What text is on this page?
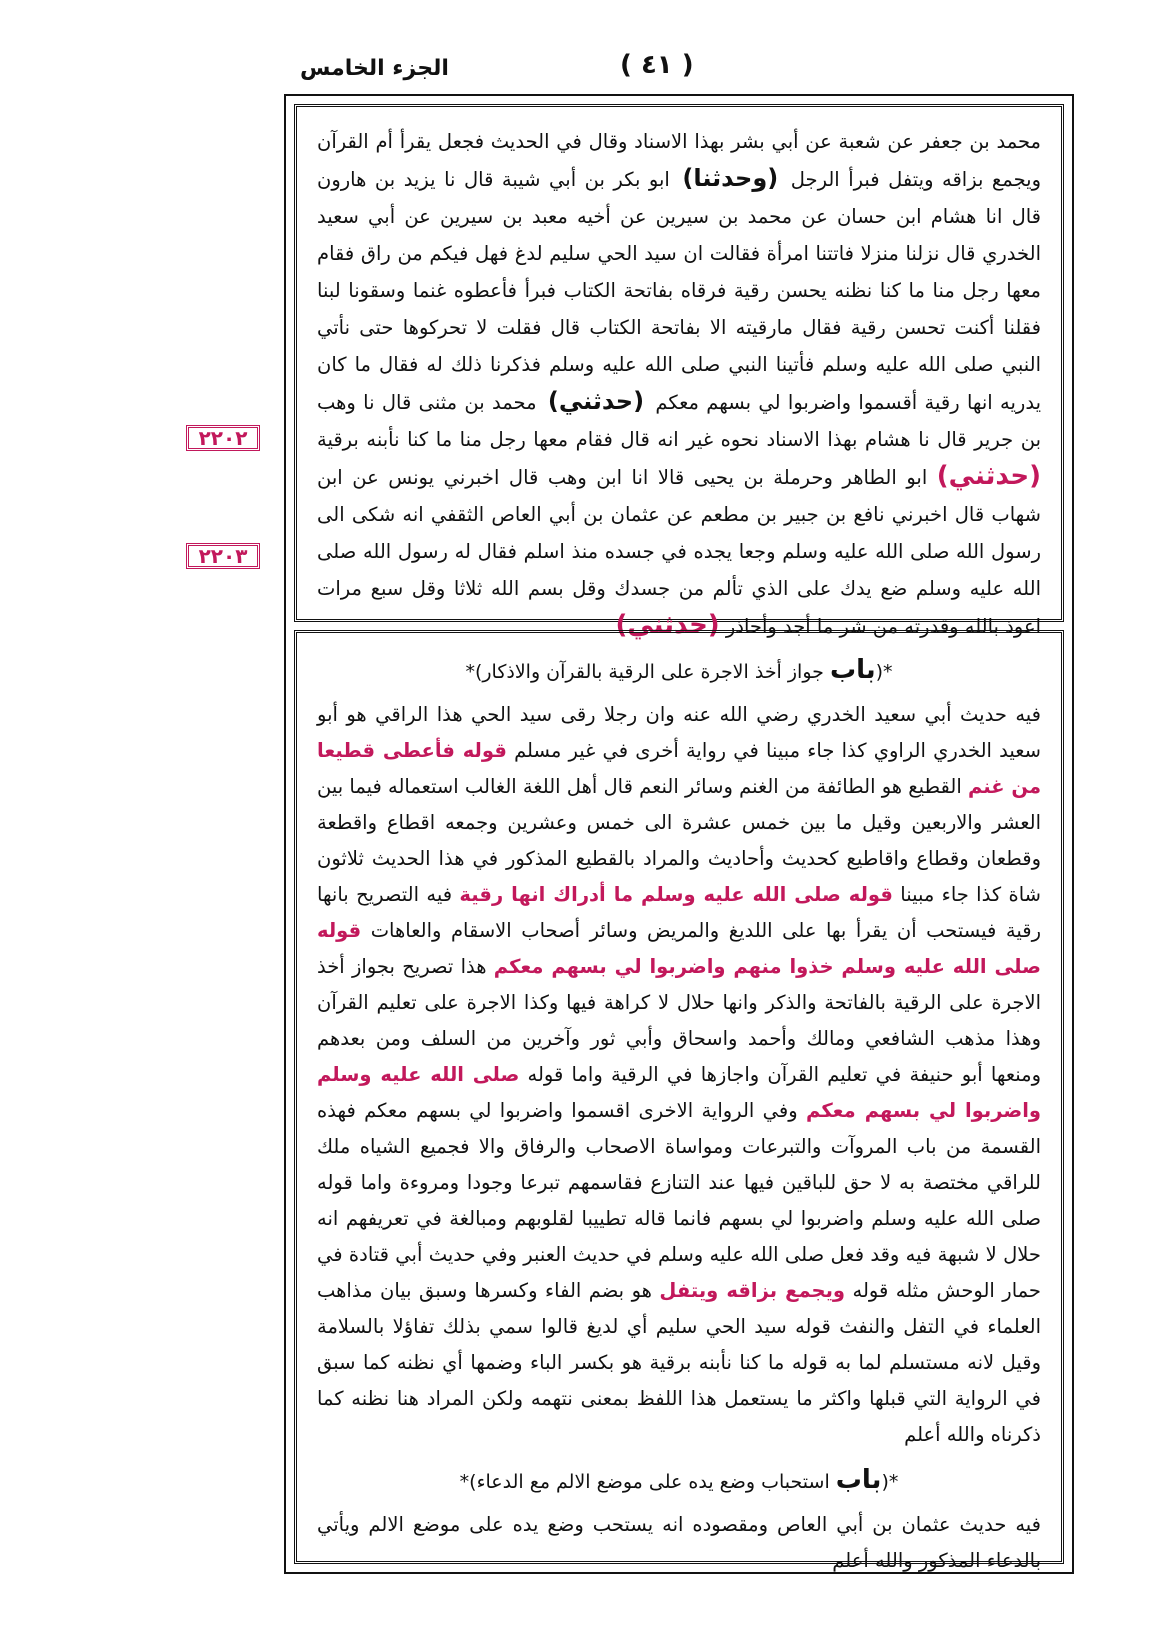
الجزء الخامس	( ٤١ )
٢٢٠٢
٢٢٠٣

محمد بن جعفر عن شعبة عن أبي بشر بهذا الاسناد وقال في الحديث فجعل يقرأ أم القرآن ويجمع بزاقه ويتفل فبرأ الرجل (وحدثنا) ابو بكر بن أبي شيبة قال نا يزيد بن هارون قال انا هشام ابن حسان عن محمد بن سيرين عن أخيه معبد بن سيرين عن أبي سعيد الخدري قال نزلنا منزلا فاتتنا امرأة فقالت ان سيد الحي سليم لدغ فهل فيكم من راق فقام معها رجل منا ما كنا نظنه يحسن رقية فرقاه بفاتحة الكتاب فبرأ فأعطوه غنما وسقونا لبنا فقلنا أكنت تحسن رقية فقال مارقيته الا بفاتحة الكتاب قال فقلت لا تحركوها حتى نأتي النبي صلى الله عليه وسلم فأتينا النبي صلى الله عليه وسلم فذكرنا ذلك له فقال ما كان يدريه انها رقية أقسموا واضربوا لي بسهم معكم (حدثني) محمد بن مثنى قال نا وهب بن جرير قال نا هشام بهذا الاسناد نحوه غير انه قال فقام معها رجل منا ما كنا نأبنه برقية (حدثني) ابو الطاهر وحرملة بن يحيى قالا انا ابن وهب قال اخبرني يونس عن ابن شهاب قال اخبرني نافع بن جبير بن مطعم عن عثمان بن أبي العاص الثقفي انه شكى الى رسول الله صلى الله عليه وسلم وجعا يجده في جسده منذ اسلم فقال له رسول الله صلى الله عليه وسلم ضع يدك على الذي تألم من جسدك وقل بسم الله ثلاثا وقل سبع مرات اعوذ بالله وقدرته من شر ما أجد وأحاذر (حدثني)

*(باب جواز أخذ الاجرة على الرقية بالقرآن والاذكار)*

فيه حديث أبي سعيد الخدري رضي الله عنه وان رجلا رقى سيد الحي هذا الراقي هو أبو سعيد الخدري الراوي كذا جاء مبينا في رواية أخرى في غير مسلم قوله فأعطى قطيعا من غنم القطيع هو الطائفة من الغنم وسائر النعم قال أهل اللغة الغالب استعماله فيما بين العشر والاربعين وقيل ما بين خمس عشرة الى خمس وعشرين وجمعه اقطاع واقطعة وقطعان وقطاع واقاطيع كحديث وأحاديث والمراد بالقطيع المذكور في هذا الحديث ثلاثون شاة كذا جاء مبينا قوله صلى الله عليه وسلم ما أدراك انها رقية فيه التصريح بانها رقية فيستحب أن يقرأ بها على اللديغ والمريض وسائر أصحاب الاسقام والعاهات قوله صلى الله عليه وسلم خذوا منهم واضربوا لي بسهم معكم هذا تصريح بجواز أخذ الاجرة على الرقية بالفاتحة والذكر وانها حلال لا كراهة فيها وكذا الاجرة على تعليم القرآن وهذا مذهب الشافعي ومالك وأحمد واسحاق وأبي ثور وآخرين من السلف ومن بعدهم ومنعها أبو حنيفة في تعليم القرآن واجازها في الرقية واما قوله صلى الله عليه وسلم واضربوا لي بسهم معكم وفي الرواية الاخرى اقسموا واضربوا لي بسهم معكم فهذه القسمة من باب المروآت والتبرعات ومواساة الاصحاب والرفاق والا فجميع الشياه ملك للراقي مختصة به لا حق للباقين فيها عند التنازع فقاسمهم تبرعا وجودا ومروءة واما قوله صلى الله عليه وسلم واضربوا لي بسهم فانما قاله تطييبا لقلوبهم ومبالغة في تعريفهم انه حلال لا شبهة فيه وقد فعل صلى الله عليه وسلم في حديث العنبر وفي حديث أبي قتادة في حمار الوحش مثله قوله ويجمع بزاقه ويتفل هو بضم الفاء وكسرها وسبق بيان مذاهب العلماء في التفل والنفث قوله سيد الحي سليم أي لديغ قالوا سمي بذلك تفاؤلا بالسلامة وقيل لانه مستسلم لما به قوله ما كنا نأبنه برقية هو بكسر الباء وضمها أي نظنه كما سبق في الرواية التي قبلها واكثر ما يستعمل هذا اللفظ بمعنى نتهمه ولكن المراد هنا نظنه كما ذكرناه والله أعلم

*(باب استحباب وضع يده على موضع الالم مع الدعاء)*

فيه حديث عثمان بن أبي العاص ومقصوده انه يستحب وضع يده على موضع الالم ويأتي بالدعاء المذكور والله أعلم
